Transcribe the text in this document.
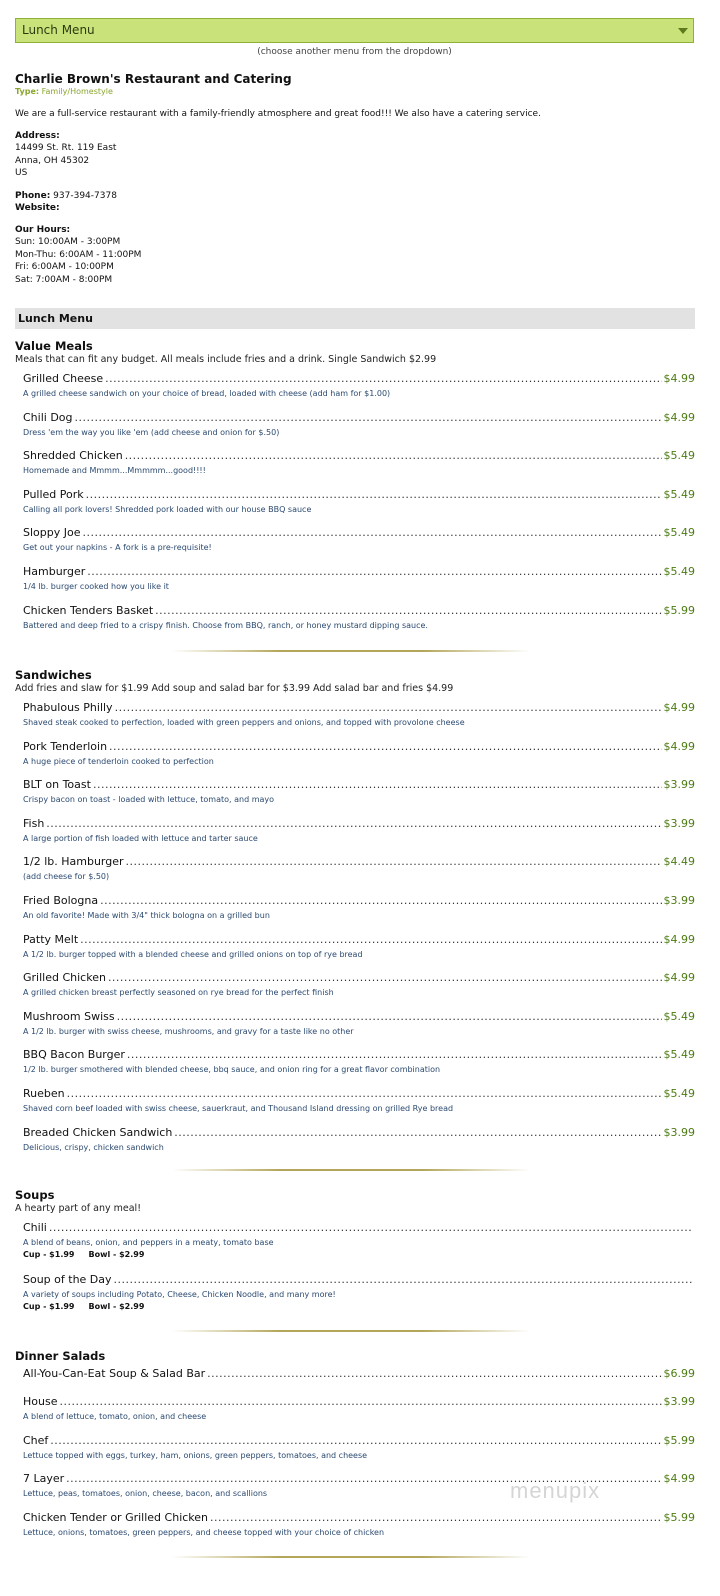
Lunch Menu
(choose another menu from the dropdown)
Charlie Brown's Restaurant and Catering
Type: Family/Homestyle
We are a full-service restaurant with a family-friendly atmosphere and great food!!! We also have a catering service.
Address:
14499 St. Rt. 119 East
Anna, OH 45302
US
Phone: 937-394-7378
Website:
Our Hours:
Sun: 10:00AM - 3:00PM
Mon-Thu: 6:00AM - 11:00PM
Fri: 6:00AM - 10:00PM
Sat: 7:00AM - 8:00PM
Lunch Menu
Value Meals
Meals that can fit any budget. All meals include fries and a drink. Single Sandwich $2.99
Grilled Cheese .....	$4.99
A grilled cheese sandwich on your choice of bread, loaded with cheese (add ham for $1.00)
Chili Dog .....	$4.99
Dress 'em the way you like 'em (add cheese and onion for $.50)
Shredded Chicken .....	$5.49
Homemade and Mmmm...Mmmmm...good!!!!
Pulled Pork .....	$5.49
Calling all pork lovers! Shredded pork loaded with our house BBQ sauce
Sloppy Joe .....	$5.49
Get out your napkins - A fork is a pre-requisite!
Hamburger .....	$5.49
1/4 lb. burger cooked how you like it
Chicken Tenders Basket .....	$5.99
Battered and deep fried to a crispy finish. Choose from BBQ, ranch, or honey mustard dipping sauce.
Sandwiches
Add fries and slaw for $1.99 Add soup and salad bar for $3.99 Add salad bar and fries $4.99
Phabulous Philly .....	$4.99
Shaved steak cooked to perfection, loaded with green peppers and onions, and topped with provolone cheese
Pork Tenderloin .....	$4.99
A huge piece of tenderloin cooked to perfection
BLT on Toast .....	$3.99
Crispy bacon on toast - loaded with lettuce, tomato, and mayo
Fish .....	$3.99
A large portion of fish loaded with lettuce and tarter sauce
1/2 lb. Hamburger .....	$4.49
(add cheese for $.50)
Fried Bologna .....	$3.99
An old favorite! Made with 3/4" thick bologna on a grilled bun
Patty Melt .....	$4.99
A 1/2 lb. burger topped with a blended cheese and grilled onions on top of rye bread
Grilled Chicken .....	$4.99
A grilled chicken breast perfectly seasoned on rye bread for the perfect finish
Mushroom Swiss .....	$5.49
A 1/2 lb. burger with swiss cheese, mushrooms, and gravy for a taste like no other
BBQ Bacon Burger .....	$5.49
1/2 lb. burger smothered with blended cheese, bbq sauce, and onion ring for a great flavor combination
Rueben .....	$5.49
Shaved corn beef loaded with swiss cheese, sauerkraut, and Thousand Island dressing on grilled Rye bread
Breaded Chicken Sandwich .....	$3.99
Delicious, crispy, chicken sandwich
Soups
A hearty part of any meal!
Chili
.....
A blend of beans, onion, and peppers in a meaty, tomato base
Cup - $1.99 Bowl - $2.99
Soup of the Day
.....
A variety of soups including Potato, Cheese, Chicken Noodle, and many more!
Cup - $1.99 Bowl - $2.99
Dinner Salads
All-You-Can-Eat Soup & Salad Bar .....	$6.99
House .....	$3.99
A blend of lettuce, tomato, onion, and cheese
Chef .....	$5.99
Lettuce topped with eggs, turkey, ham, onions, green peppers, tomatoes, and cheese
7 Layer .....	$4.99
Lettuce, peas, tomatoes, onion, cheese, bacon, and scallions
Chicken Tender or Grilled Chicken .....	$5.99
Lettuce, onions, tomatoes, green peppers, and cheese topped with your choice of chicken
menupix
